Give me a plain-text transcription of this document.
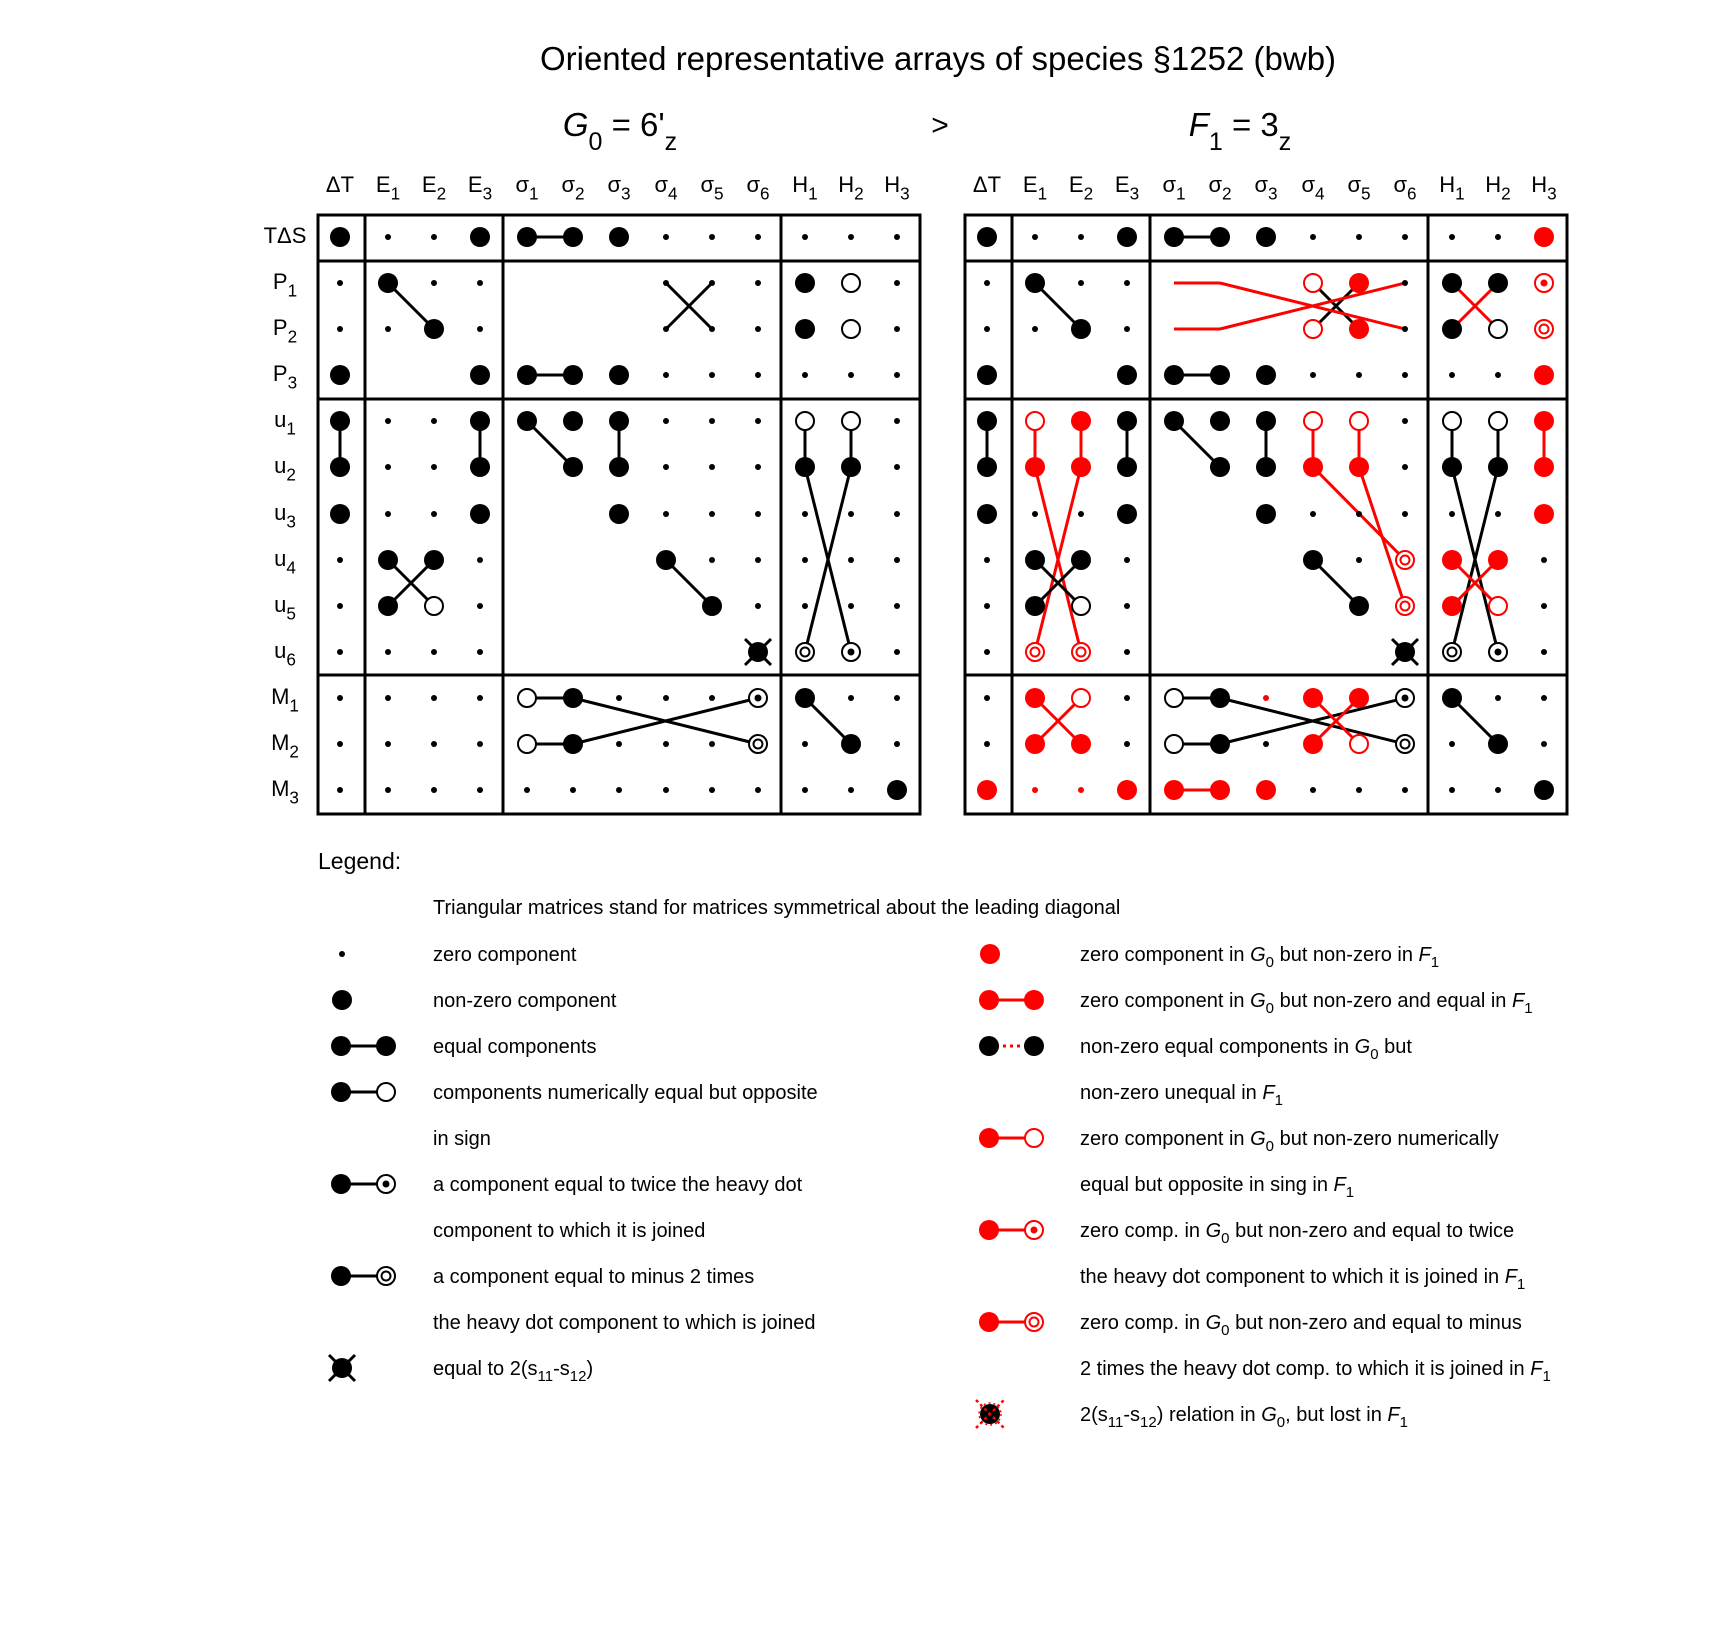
Oriented representative arrays of species §1252 (bwb)
>
TΔS
$P_1$
$P_2$
$P_3$
$u_1$
$u_2$
$u_3$
$u_4$
$u_5$
$u_6$
$M_1$
$M_2$
$M_3$
$G_0 = 6'_z$
ΔT $E_1$ $E_2$ $E_3$ $\sigma_1$ $\sigma_2$ $\sigma_3$ $\sigma_4$ $\sigma_5$ $\sigma_6$ $H_1$ $H_2$ $H_3$
$F_1 = 3_z$
ΔT $E_1$ $E_2$ $E_3$ $\sigma_1$ $\sigma_2$ $\sigma_3$ $\sigma_4$ $\sigma_5$ $\sigma_6$ $H_1$ $H_2$ $H_3$
Legend:
Triangular matrices stand for matrices symmetrical about the leading diagonal
zero component
non-zero component
equal components
components numerically equal but opposite
in sign
a component equal to twice the heavy dot
component to which it is joined
a component equal to minus 2 times
the heavy dot component to which is joined
equal to $2(s_{11}-s_{12})$
zero component in $G_0$ but non-zero in $F_1$
zero component in $G_0$ but non-zero and equal in $F_1$
non-zero equal components in $G_0$ but
non-zero unequal in $F_1$
zero component in $G_0$ but non-zero numerically
equal but opposite in sing in $F_1$
zero comp. in $G_0$ but non-zero and equal to twice
the heavy dot component to which it is joined in $F_1$
zero comp. in $G_0$ but non-zero and equal to minus
2 times the heavy dot comp. to which it is joined in $F_1$
$2(s_{11}-s_{12})$ relation in $G_0$, but lost in $F_1$
